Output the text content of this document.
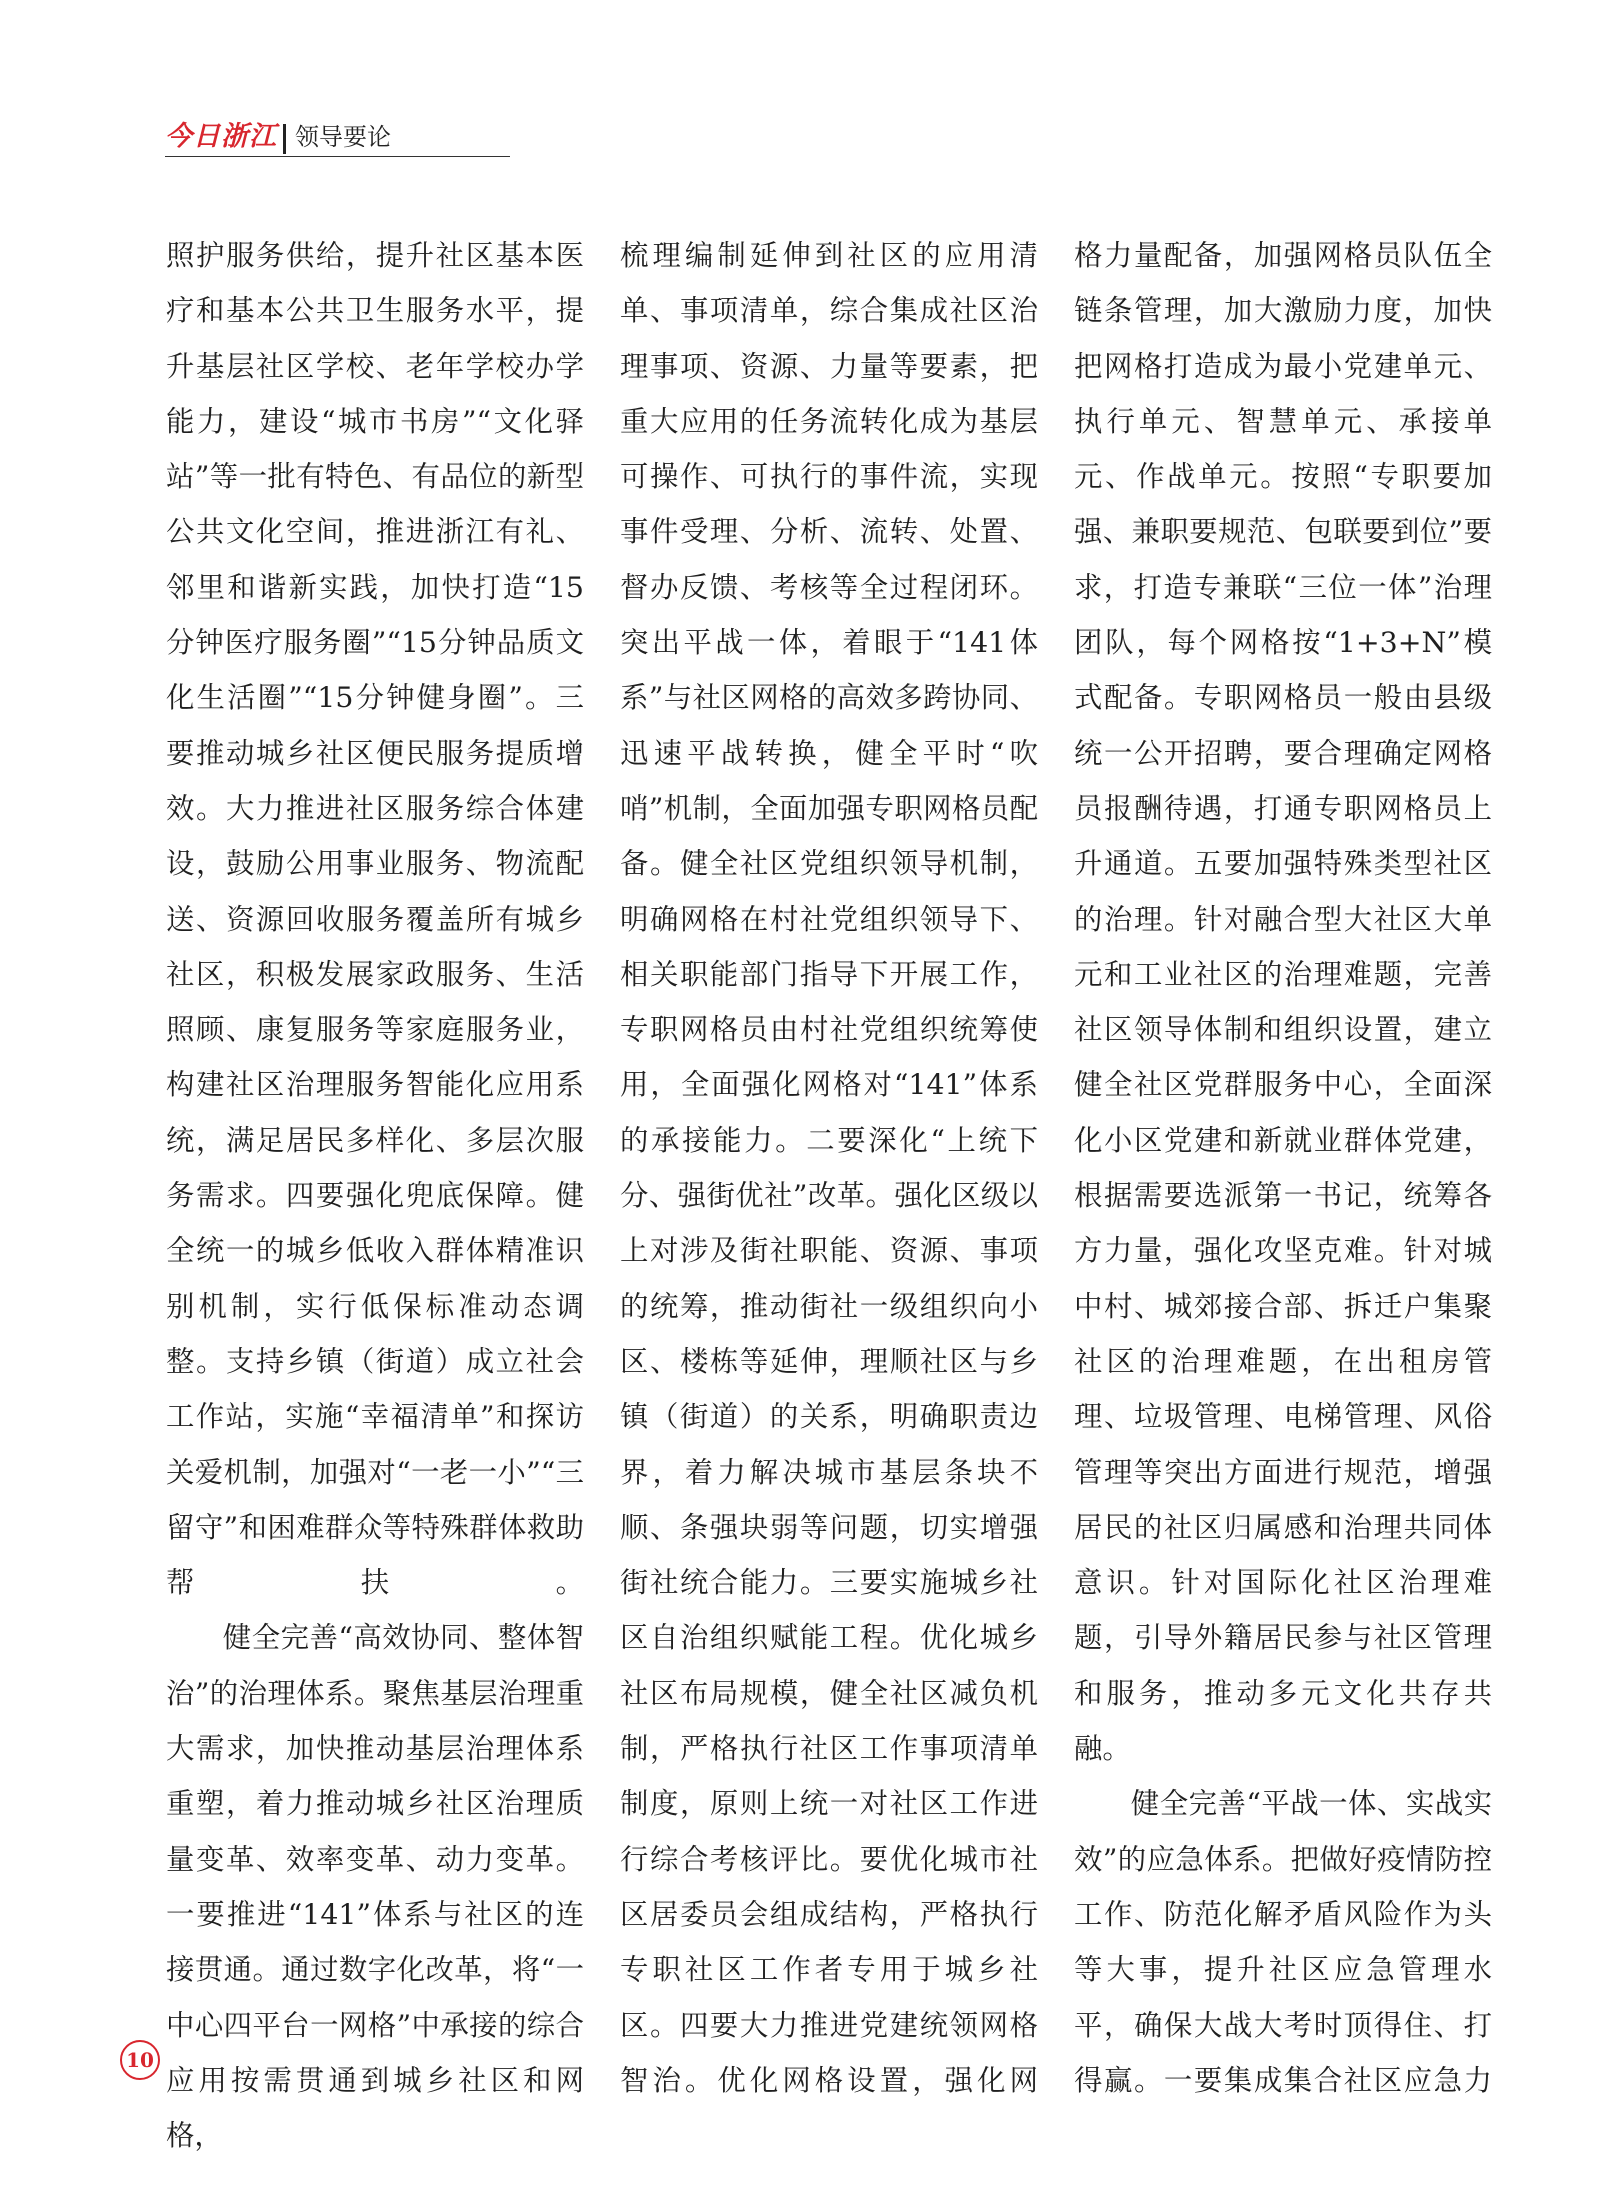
今日浙江 领导要论

照护服务供给，提升社区基本医疗和基本公共卫生服务水平，提升基层社区学校、老年学校办学能力，建设“城市书房”“文化驿站”等一批有特色、有品位的新型公共文化空间，推进浙江有礼、邻里和谐新实践，加快打造“15分钟医疗服务圈”“15分钟品质文化生活圈”“15分钟健身圈”。三要推动城乡社区便民服务提质增效。大力推进社区服务综合体建设，鼓励公用事业服务、物流配送、资源回收服务覆盖所有城乡社区，积极发展家政服务、生活照顾、康复服务等家庭服务业，构建社区治理服务智能化应用系统，满足居民多样化、多层次服务需求。四要强化兜底保障。健全统一的城乡低收入群体精准识别机制，实行低保标准动态调整。支持乡镇（街道）成立社会工作站，实施“幸福清单”和探访关爱机制，加强对“一老一小”“三留守”和困难群众等特殊群体救助帮扶。

健全完善“高效协同、整体智治”的治理体系。聚焦基层治理重大需求，加快推动基层治理体系重塑，着力推动城乡社区治理质量变革、效率变革、动力变革。一要推进“141”体系与社区的连接贯通。通过数字化改革，将“一中心四平台一网格”中承接的综合应用按需贯通到城乡社区和网格，

梳理编制延伸到社区的应用清单、事项清单，综合集成社区治理事项、资源、力量等要素，把重大应用的任务流转化成为基层可操作、可执行的事件流，实现事件受理、分析、流转、处置、督办反馈、考核等全过程闭环。突出平战一体，着眼于“141体系”与社区网格的高效多跨协同、迅速平战转换，健全平时“吹哨”机制，全面加强专职网格员配备。健全社区党组织领导机制，明确网格在村社党组织领导下、相关职能部门指导下开展工作，专职网格员由村社党组织统筹使用，全面强化网格对“141”体系的承接能力。二要深化“上统下分、强街优社”改革。强化区级以上对涉及街社职能、资源、事项的统筹，推动街社一级组织向小区、楼栋等延伸，理顺社区与乡镇（街道）的关系，明确职责边界，着力解决城市基层条块不顺、条强块弱等问题，切实增强街社统合能力。三要实施城乡社区自治组织赋能工程。优化城乡社区布局规模，健全社区减负机制，严格执行社区工作事项清单制度，原则上统一对社区工作进行综合考核评比。要优化城市社区居委员会组成结构，严格执行专职社区工作者专用于城乡社区。四要大力推进党建统领网格智治。优化网格设置，强化网

格力量配备，加强网格员队伍全链条管理，加大激励力度，加快把网格打造成为最小党建单元、执行单元、智慧单元、承接单元、作战单元。按照“专职要加强、兼职要规范、包联要到位”要求，打造专兼联“三位一体”治理团队，每个网格按“1+3+N”模式配备。专职网格员一般由县级统一公开招聘，要合理确定网格员报酬待遇，打通专职网格员上升通道。五要加强特殊类型社区的治理。针对融合型大社区大单元和工业社区的治理难题，完善社区领导体制和组织设置，建立健全社区党群服务中心，全面深化小区党建和新就业群体党建，根据需要选派第一书记，统筹各方力量，强化攻坚克难。针对城中村、城郊接合部、拆迁户集聚社区的治理难题，在出租房管理、垃圾管理、电梯管理、风俗管理等突出方面进行规范，增强居民的社区归属感和治理共同体意识。针对国际化社区治理难题，引导外籍居民参与社区管理和服务，推动多元文化共存共融。

健全完善“平战一体、实战实效”的应急体系。把做好疫情防控工作、防范化解矛盾风险作为头等大事，提升社区应急管理水平，确保大战大考时顶得住、打得赢。一要集成集合社区应急力

10
